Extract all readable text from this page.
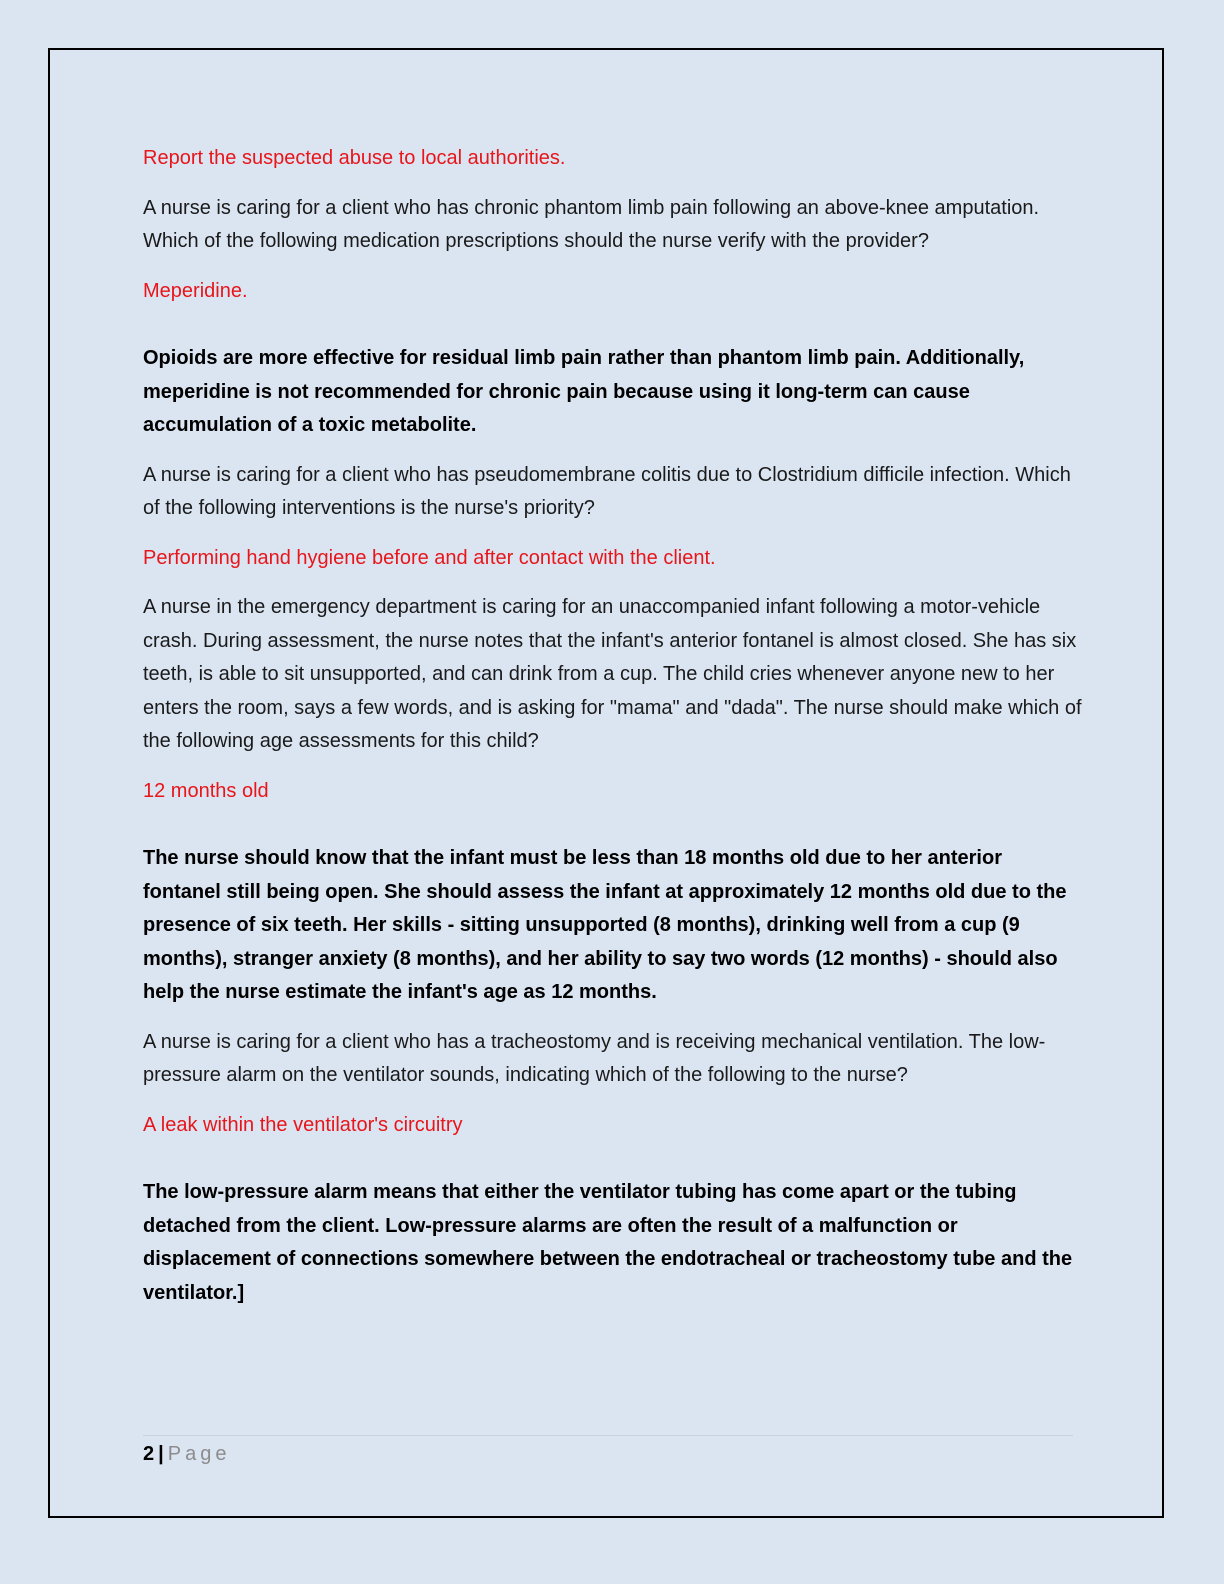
Report the suspected abuse to local authorities.

A nurse is caring for a client who has chronic phantom limb pain following an above-knee amputation. Which of the following medication prescriptions should the nurse verify with the provider?

Meperidine.

Opioids are more effective for residual limb pain rather than phantom limb pain. Additionally, meperidine is not recommended for chronic pain because using it long-term can cause accumulation of a toxic metabolite.

A nurse is caring for a client who has pseudomembrane colitis due to Clostridium difficile infection. Which of the following interventions is the nurse's priority?

Performing hand hygiene before and after contact with the client.

A nurse in the emergency department is caring for an unaccompanied infant following a motor-vehicle crash. During assessment, the nurse notes that the infant's anterior fontanel is almost closed. She has six teeth, is able to sit unsupported, and can drink from a cup. The child cries whenever anyone new to her enters the room, says a few words, and is asking for "mama" and "dada". The nurse should make which of the following age assessments for this child?

12 months old

The nurse should know that the infant must be less than 18 months old due to her anterior fontanel still being open. She should assess the infant at approximately 12 months old due to the presence of six teeth. Her skills - sitting unsupported (8 months), drinking well from a cup (9 months), stranger anxiety (8 months), and her ability to say two words (12 months) - should also help the nurse estimate the infant's age as 12 months.

A nurse is caring for a client who has a tracheostomy and is receiving mechanical ventilation. The low-pressure alarm on the ventilator sounds, indicating which of the following to the nurse?

A leak within the ventilator's circuitry

The low-pressure alarm means that either the ventilator tubing has come apart or the tubing detached from the client. Low-pressure alarms are often the result of a malfunction or displacement of connections somewhere between the endotracheal or tracheostomy tube and the ventilator.]

2 | Page
